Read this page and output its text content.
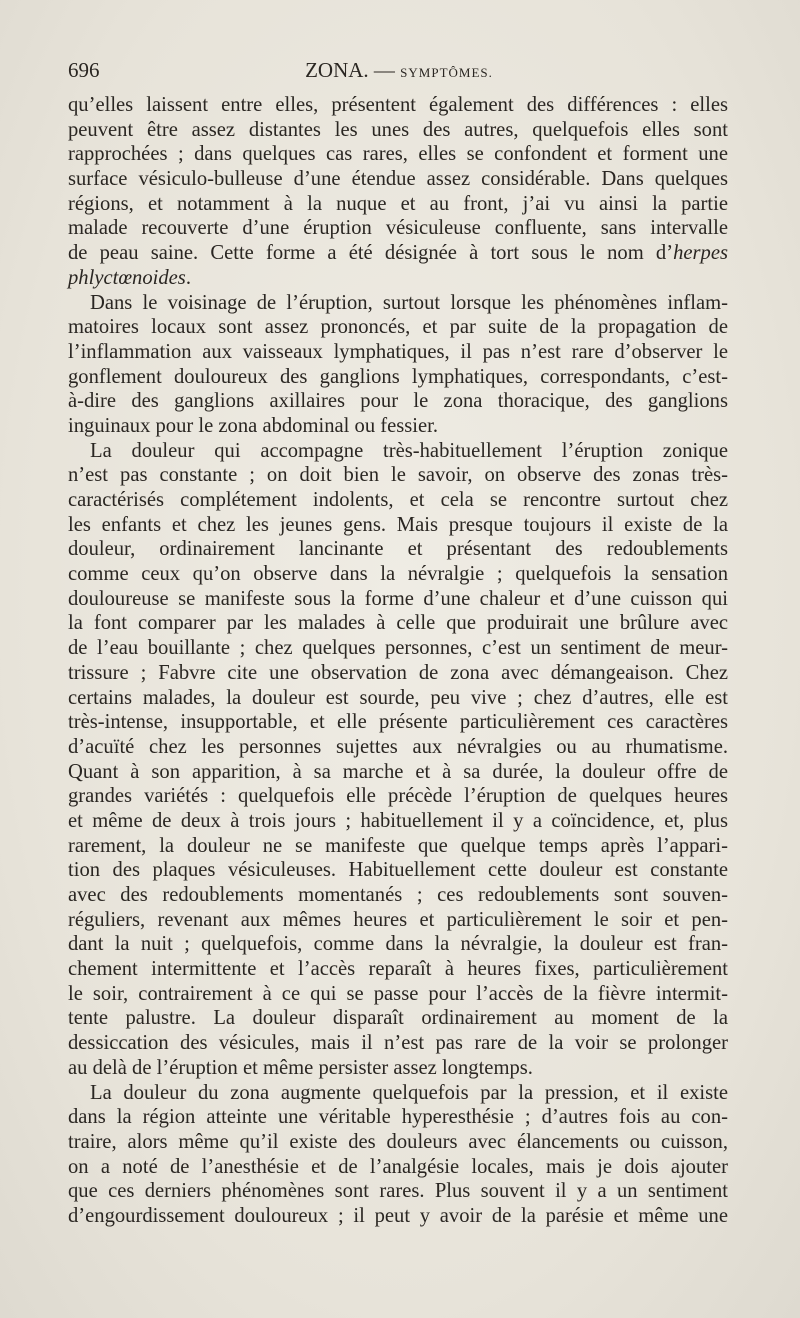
696	ZONA. — SYMPTÔMES.
qu’elles laissent entre elles, présentent également des différences : elles
peuvent être assez distantes les unes des autres, quelquefois elles sont
rapprochées ; dans quelques cas rares, elles se confondent et forment une
surface vésiculo-bulleuse d’une étendue assez considérable. Dans quelques
régions, et notamment à la nuque et au front, j’ai vu ainsi la partie
malade recouverte d’une éruption vésiculeuse confluente, sans intervalle
de peau saine. Cette forme a été désignée à tort sous le nom d’herpes
phlyctœnoides.
Dans le voisinage de l’éruption, surtout lorsque les phénomènes inflam-
matoires locaux sont assez prononcés, et par suite de la propagation de
l’inflammation aux vaisseaux lymphatiques, il pas n’est rare d’observer le
gonflement douloureux des ganglions lymphatiques, correspondants, c’est-
à-dire des ganglions axillaires pour le zona thoracique, des ganglions
inguinaux pour le zona abdominal ou fessier.
La douleur qui accompagne très-habituellement l’éruption zonique
n’est pas constante ; on doit bien le savoir, on observe des zonas très-
caractérisés complétement indolents, et cela se rencontre surtout chez
les enfants et chez les jeunes gens. Mais presque toujours il existe de la
douleur, ordinairement lancinante et présentant des redoublements
comme ceux qu’on observe dans la névralgie ; quelquefois la sensation
douloureuse se manifeste sous la forme d’une chaleur et d’une cuisson qui
la font comparer par les malades à celle que produirait une brûlure avec
de l’eau bouillante ; chez quelques personnes, c’est un sentiment de meur-
trissure ; Fabvre cite une observation de zona avec démangeaison. Chez
certains malades, la douleur est sourde, peu vive ; chez d’autres, elle est
très-intense, insupportable, et elle présente particulièrement ces caractères
d’acuïté chez les personnes sujettes aux névralgies ou au rhumatisme.
Quant à son apparition, à sa marche et à sa durée, la douleur offre de
grandes variétés : quelquefois elle précède l’éruption de quelques heures
et même de deux à trois jours ; habituellement il y a coïncidence, et, plus
rarement, la douleur ne se manifeste que quelque temps après l’appari-
tion des plaques vésiculeuses. Habituellement cette douleur est constante
avec des redoublements momentanés ; ces redoublements sont souven-
réguliers, revenant aux mêmes heures et particulièrement le soir et pen-
dant la nuit ; quelquefois, comme dans la névralgie, la douleur est fran-
chement intermittente et l’accès reparaît à heures fixes, particulièrement
le soir, contrairement à ce qui se passe pour l’accès de la fièvre intermit-
tente palustre. La douleur disparaît ordinairement au moment de la
dessiccation des vésicules, mais il n’est pas rare de la voir se prolonger
au delà de l’éruption et même persister assez longtemps.
La douleur du zona augmente quelquefois par la pression, et il existe
dans la région atteinte une véritable hyperesthésie ; d’autres fois au con-
traire, alors même qu’il existe des douleurs avec élancements ou cuisson,
on a noté de l’anesthésie et de l’analgésie locales, mais je dois ajouter
que ces derniers phénomènes sont rares. Plus souvent il y a un sentiment
d’engourdissement douloureux ; il peut y avoir de la parésie et même une
